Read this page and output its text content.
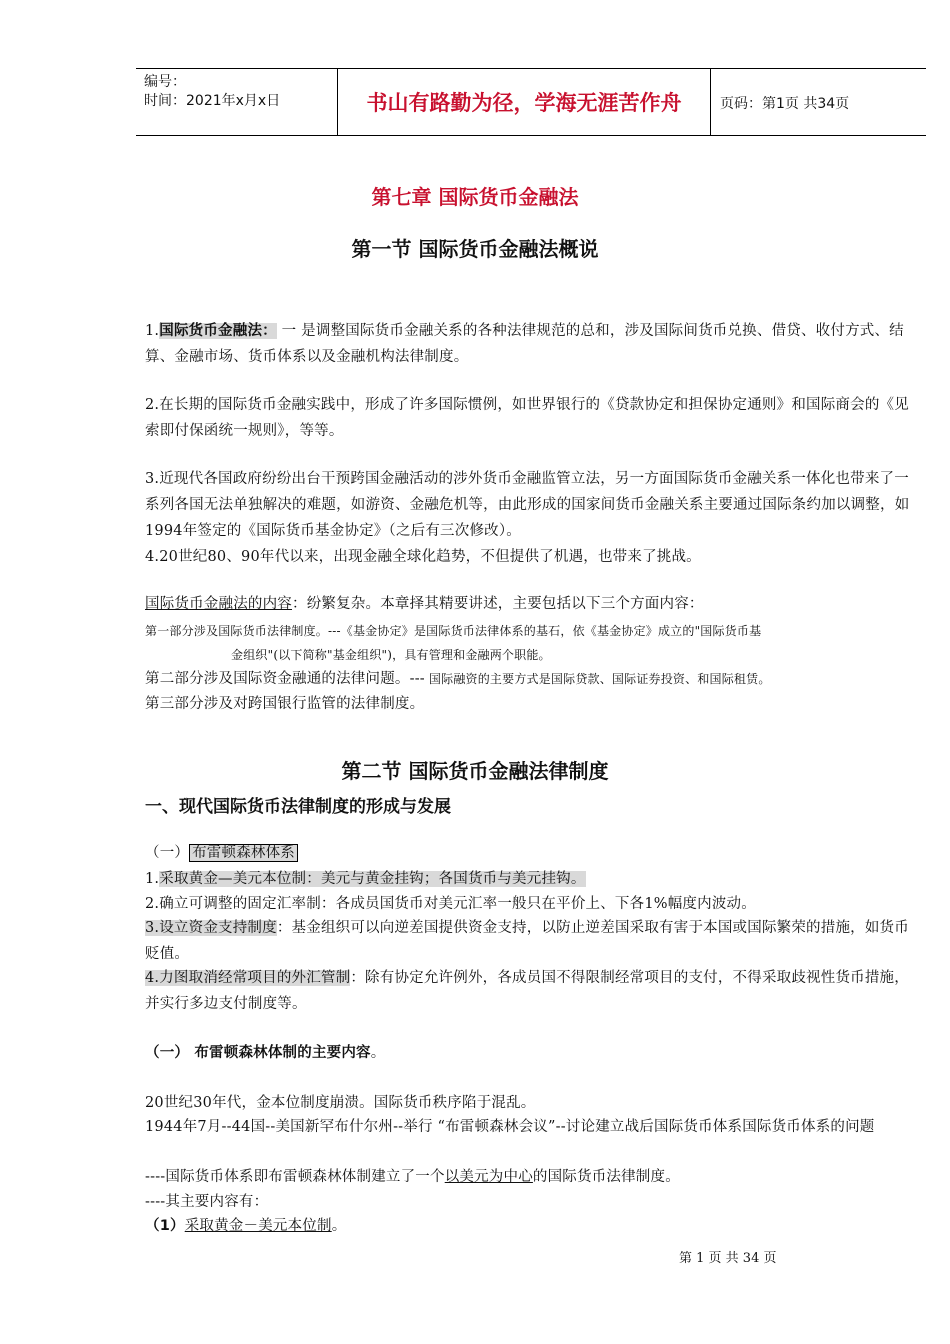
编号：
时间：2021年x月x日	书山有路勤为径，学海无涯苦作舟	页码：第1页 共34页
第七章 国际货币金融法
第一节 国际货币金融法概说
1.国际货币金融法： 一 是调整国际货币金融关系的各种法律规范的总和，涉及国际间货币兑换、借贷、收付方式、结算、金融市场、货币体系以及金融机构法律制度。
2.在长期的国际货币金融实践中，形成了许多国际惯例，如世界银行的《贷款协定和担保协定通则》和国际商会的《见索即付保函统一规则》，等等。
3.近现代各国政府纷纷出台干预跨国金融活动的涉外货币金融监管立法，另一方面国际货币金融关系一体化也带来了一系列各国无法单独解决的难题，如游资、金融危机等，由此形成的国家间货币金融关系主要通过国际条约加以调整，如1994年签定的《国际货币基金协定》（之后有三次修改）。
4.20世纪80、90年代以来，出现金融全球化趋势，不但提供了机遇，也带来了挑战。
国际货币金融法的内容：纷繁复杂。本章择其精要讲述，主要包括以下三个方面内容：
第一部分涉及国际货币法律制度。---《基金协定》是国际货币法律体系的基石，依《基金协定》成立的"国际货币基
金组织"(以下简称"基金组织")，具有管理和金融两个职能。
第二部分涉及国际资金融通的法律问题。--- 国际融资的主要方式是国际贷款、国际证券投资、和国际租赁。
第三部分涉及对跨国银行监管的法律制度。
第二节 国际货币金融法律制度
一、现代国际货币法律制度的形成与发展
（一） 布雷顿森林体系
1.采取黄金—美元本位制：美元与黄金挂钩；各国货币与美元挂钩。
2.确立可调整的固定汇率制：各成员国货币对美元汇率一般只在平价上、下各1%幅度内波动。
3.设立资金支持制度：基金组织可以向逆差国提供资金支持，以防止逆差国采取有害于本国或国际繁荣的措施，如货币贬值。
4.力图取消经常项目的外汇管制：除有协定允许例外，各成员国不得限制经常项目的支付，不得采取歧视性货币措施，并实行多边支付制度等。
（一） 布雷顿森林体制的主要内容。
20世纪30年代，金本位制度崩溃。国际货币秩序陷于混乱。
1944年7月--44国--美国新罕布什尔州--举行 “布雷顿森林会议”--讨论建立战后国际货币体系国际货币体系的问题
----国际货币体系即布雷顿森林体制建立了一个以美元为中心的国际货币法律制度。
----其主要内容有：
（1）采取黄金－美元本位制。
第 1 页 共 34 页
